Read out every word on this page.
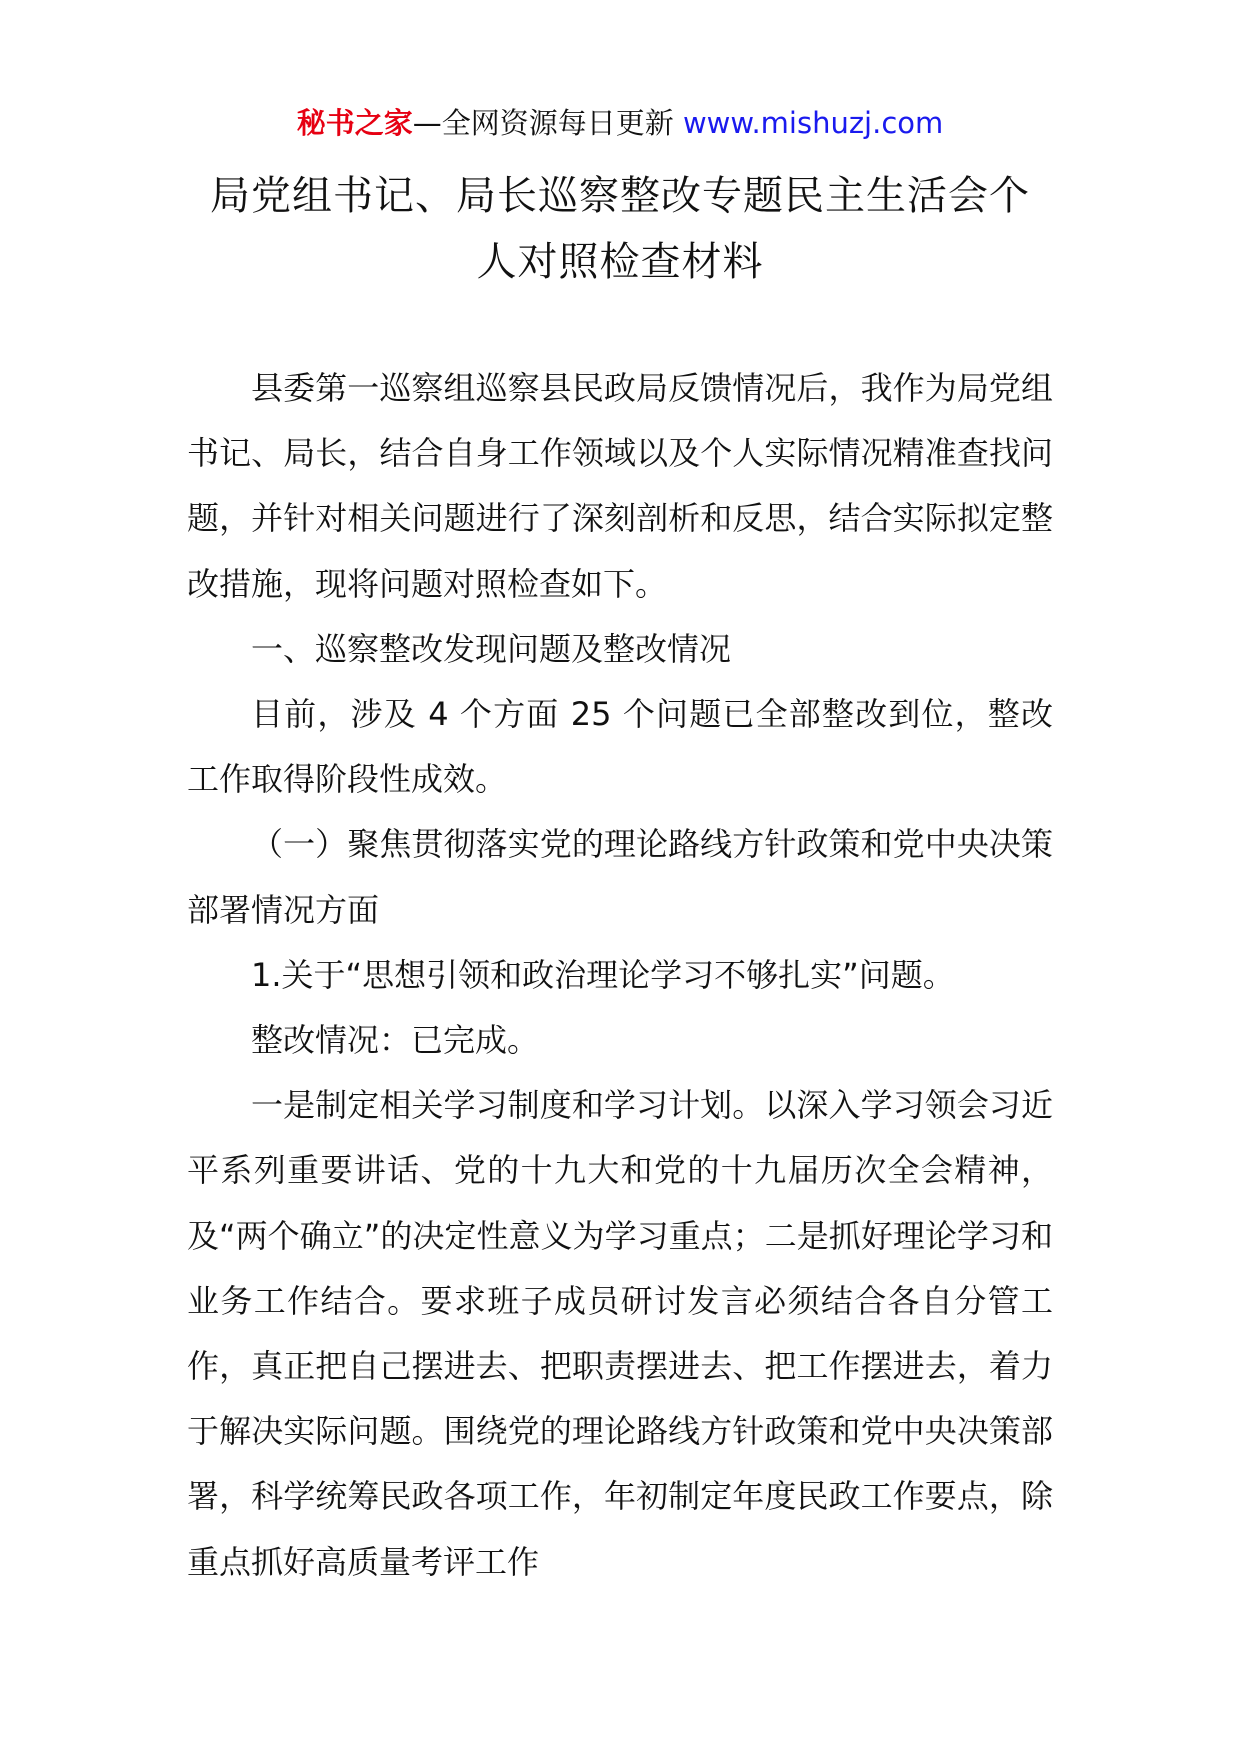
秘书之家—全网资源每日更新 www.mishuzj.com
局党组书记、局长巡察整改专题民主生活会个
人对照检查材料

县委第一巡察组巡察县民政局反馈情况后，我作为局党组书记、局长，结合自身工作领域以及个人实际情况精准查找问题，并针对相关问题进行了深刻剖析和反思，结合实际拟定整改措施，现将问题对照检查如下。

一、巡察整改发现问题及整改情况

目前，涉及 4 个方面 25 个问题已全部整改到位，整改工作取得阶段性成效。

（一）聚焦贯彻落实党的理论路线方针政策和党中央决策部署情况方面

1.关于“思想引领和政治理论学习不够扎实”问题。

整改情况：已完成。

一是制定相关学习制度和学习计划。以深入学习领会习近平系列重要讲话、党的十九大和党的十九届历次全会精神，及“两个确立”的决定性意义为学习重点；二是抓好理论学习和业务工作结合。要求班子成员研讨发言必须结合各自分管工作，真正把自己摆进去、把职责摆进去、把工作摆进去，着力于解决实际问题。围绕党的理论路线方针政策和党中央决策部署，科学统筹民政各项工作，年初制定年度民政工作要点，除重点抓好高质量考评工作
